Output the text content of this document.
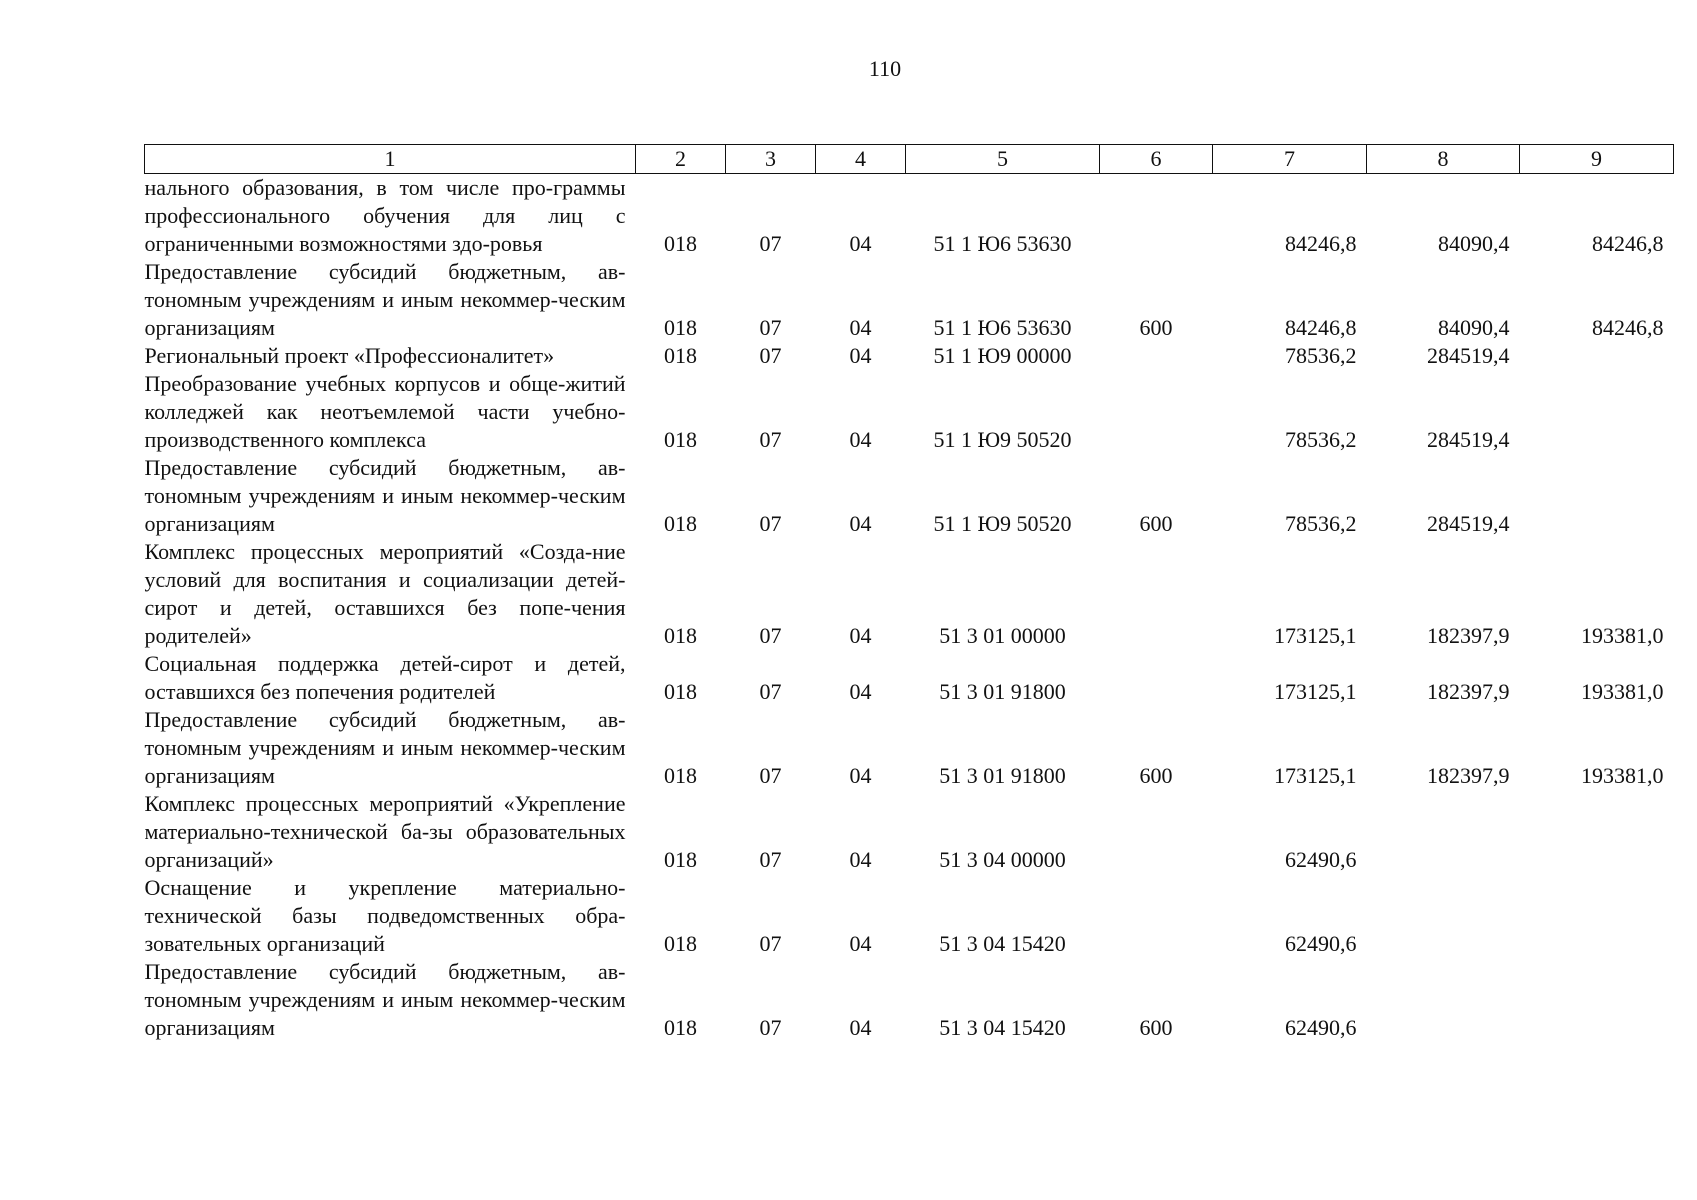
110
1	2	3	4	5	6	7	8	9
нального образования, в том числе про-граммы профессионального обучения для лиц с ограниченными возможностями здо-ровья	018	07	04	51 1 Ю6 53630		84246,8	84090,4	84246,8
Предоставление субсидий бюджетным, ав-тономным учреждениям и иным некоммер-ческим организациям	018	07	04	51 1 Ю6 53630	600	84246,8	84090,4	84246,8
Региональный проект «Профессионалитет»	018	07	04	51 1 Ю9 00000		78536,2	284519,4	
Преобразование учебных корпусов и обще-житий колледжей как неотъемлемой части учебно-производственного комплекса	018	07	04	51 1 Ю9 50520		78536,2	284519,4	
Предоставление субсидий бюджетным, ав-тономным учреждениям и иным некоммер-ческим организациям	018	07	04	51 1 Ю9 50520	600	78536,2	284519,4	
Комплекс процессных мероприятий «Созда-ние условий для воспитания и социализации детей-сирот и детей, оставшихся без попе-чения родителей»	018	07	04	51 3 01 00000		173125,1	182397,9	193381,0
Социальная поддержка детей-сирот и детей, оставшихся без попечения родителей	018	07	04	51 3 01 91800		173125,1	182397,9	193381,0
Предоставление субсидий бюджетным, ав-тономным учреждениям и иным некоммер-ческим организациям	018	07	04	51 3 01 91800	600	173125,1	182397,9	193381,0
Комплекс процессных мероприятий «Укрепление материально-технической ба-зы образовательных организаций»	018	07	04	51 3 04 00000		62490,6		
Оснащение и укрепление материально-технической базы подведомственных обра-зовательных организаций	018	07	04	51 3 04 15420		62490,6		
Предоставление субсидий бюджетным, ав-тономным учреждениям и иным некоммер-ческим организациям	018	07	04	51 3 04 15420	600	62490,6		
